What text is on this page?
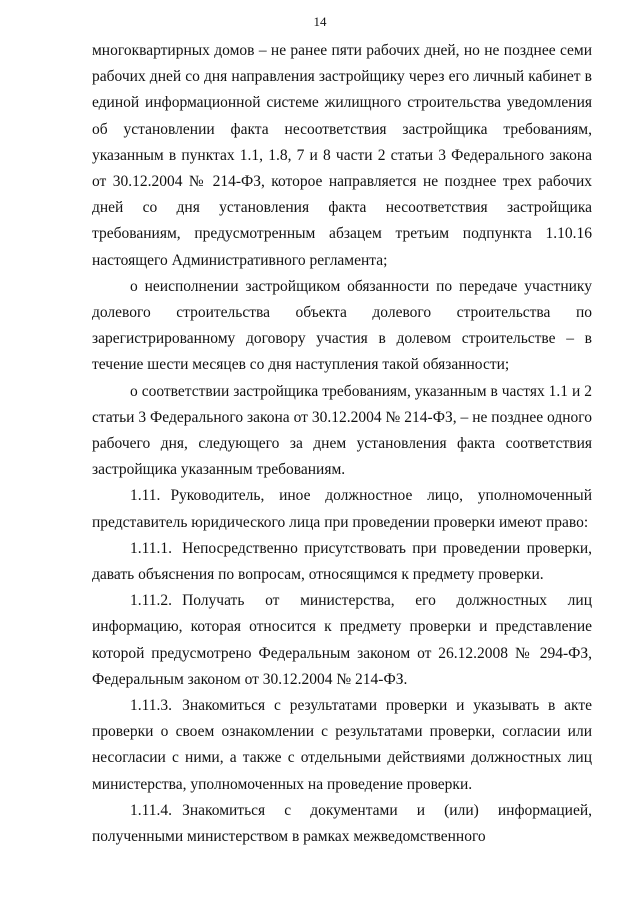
14

многоквартирных домов – не ранее пяти рабочих дней, но не позднее семи рабочих дней со дня направления застройщику через его личный кабинет в единой информационной системе жилищного строительства уведомления об установлении факта несоответствия застройщика требованиям, указанным в пунктах 1.1, 1.8, 7 и 8 части 2 статьи 3 Федерального закона от 30.12.2004 № 214-ФЗ, которое направляется не позднее трех рабочих дней со дня установления факта несоответствия застройщика требованиям, предусмотренным абзацем третьим подпункта 1.10.16 настоящего Административного регламента;

о неисполнении застройщиком обязанности по передаче участнику долевого строительства объекта долевого строительства по зарегистрированному договору участия в долевом строительстве – в течение шести месяцев со дня наступления такой обязанности;

о соответствии застройщика требованиям, указанным в частях 1.1 и 2 статьи 3 Федерального закона от 30.12.2004 № 214-ФЗ, – не позднее одного рабочего дня, следующего за днем установления факта соответствия застройщика указанным требованиям.

1.11. Руководитель, иное должностное лицо, уполномоченный представитель юридического лица при проведении проверки имеют право:

1.11.1. Непосредственно присутствовать при проведении проверки, давать объяснения по вопросам, относящимся к предмету проверки.

1.11.2. Получать от министерства, его должностных лиц информацию, которая относится к предмету проверки и представление которой предусмотрено Федеральным законом от 26.12.2008 № 294-ФЗ, Федеральным законом от 30.12.2004 № 214-ФЗ.

1.11.3. Знакомиться с результатами проверки и указывать в акте проверки о своем ознакомлении с результатами проверки, согласии или несогласии с ними, а также с отдельными действиями должностных лиц министерства, уполномоченных на проведение проверки.

1.11.4. Знакомиться с документами и (или) информацией, полученными министерством в рамках межведомственного
